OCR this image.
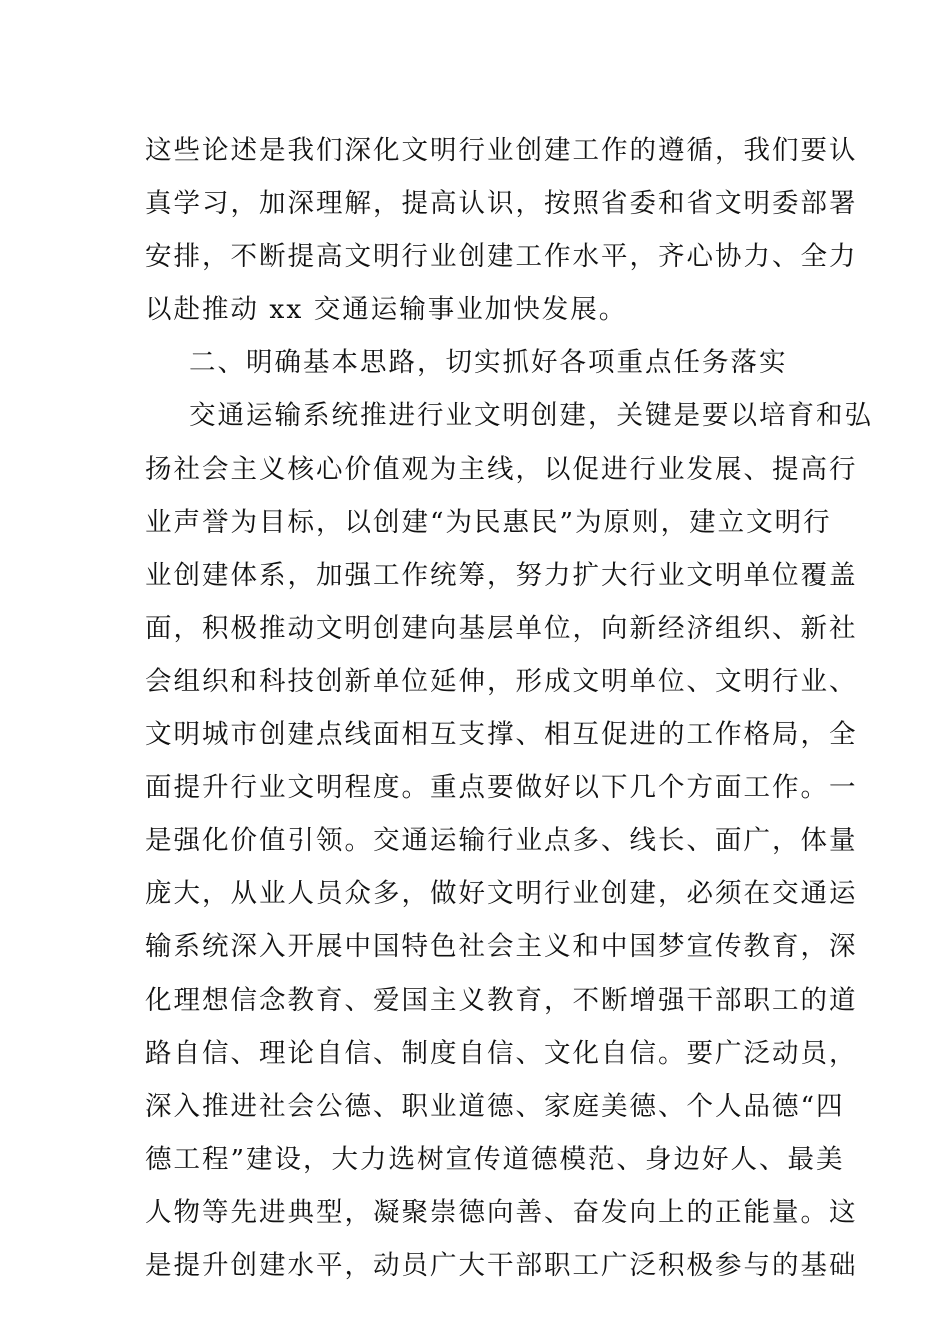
这些论述是我们深化文明行业创建工作的遵循，我们要认
真学习，加深理解，提高认识，按照省委和省文明委部署
安排，不断提高文明行业创建工作水平，齐心协力、全力
以赴推动 xx 交通运输事业加快发展。
二、明确基本思路，切实抓好各项重点任务落实
交通运输系统推进行业文明创建，关键是要以培育和弘
扬社会主义核心价值观为主线，以促进行业发展、提高行
业声誉为目标，以创建“为民惠民”为原则，建立文明行
业创建体系，加强工作统筹，努力扩大行业文明单位覆盖
面，积极推动文明创建向基层单位，向新经济组织、新社
会组织和科技创新单位延伸，形成文明单位、文明行业、
文明城市创建点线面相互支撑、相互促进的工作格局，全
面提升行业文明程度。重点要做好以下几个方面工作。一
是强化价值引领。交通运输行业点多、线长、面广，体量
庞大，从业人员众多，做好文明行业创建，必须在交通运
输系统深入开展中国特色社会主义和中国梦宣传教育，深
化理想信念教育、爱国主义教育，不断增强干部职工的道
路自信、理论自信、制度自信、文化自信。要广泛动员，
深入推进社会公德、职业道德、家庭美德、个人品德“四
德工程”建设，大力选树宣传道德模范、身边好人、最美
人物等先进典型，凝聚崇德向善、奋发向上的正能量。这
是提升创建水平，动员广大干部职工广泛积极参与的基础
